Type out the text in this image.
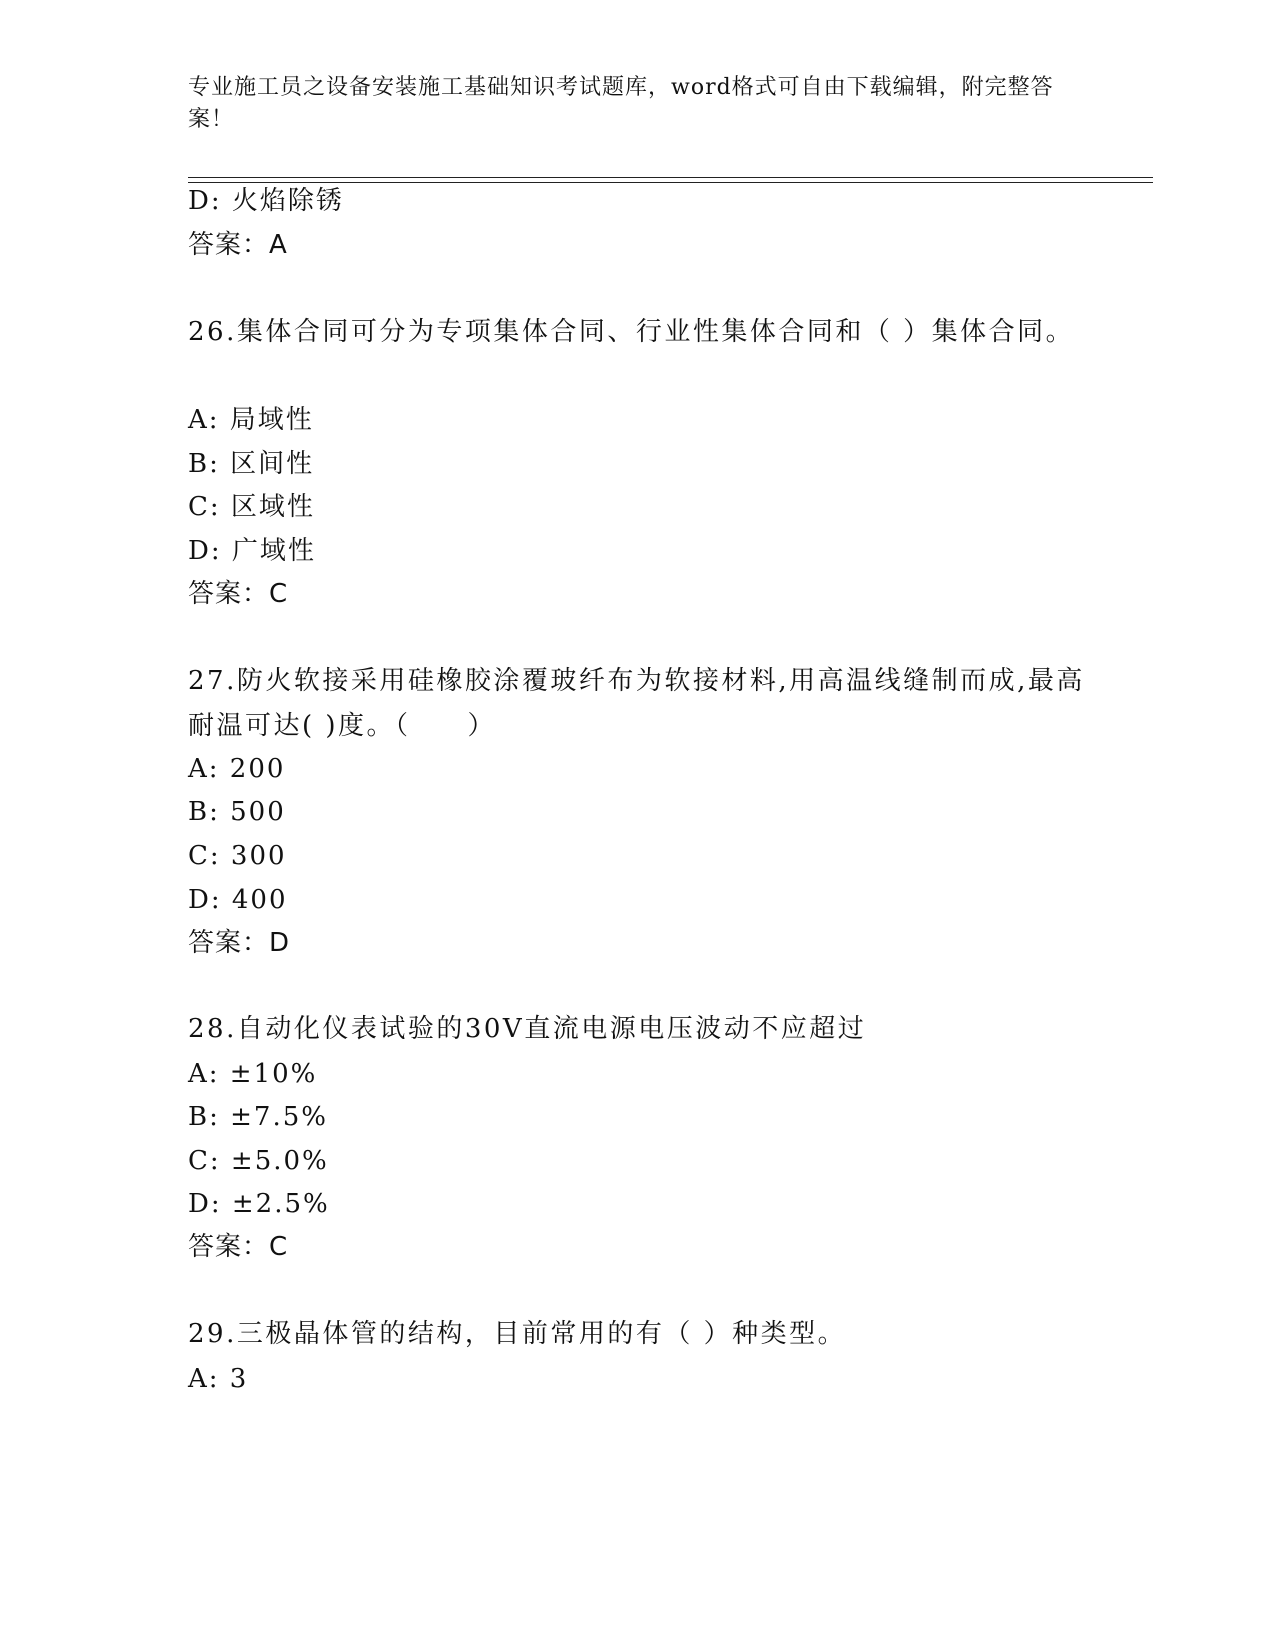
专业施工员之设备安装施工基础知识考试题库，word格式可自由下载编辑，附完整答案！
D: 火焰除锈
答案：A
26.集体合同可分为专项集体合同、行业性集体合同和（ ）集体合同。
A: 局域性
B: 区间性
C: 区域性
D: 广域性
答案：C
27.防火软接采用硅橡胶涂覆玻纤布为软接材料,用高温线缝制而成,最高耐温可达( )度。（　　）
A: 200
B: 500
C: 300
D: 400
答案：D
28.自动化仪表试验的30V直流电源电压波动不应超过
A: ±10%
B: ±7.5%
C: ±5.0%
D: ±2.5%
答案：C
29.三极晶体管的结构，目前常用的有（ ）种类型。
A: 3
